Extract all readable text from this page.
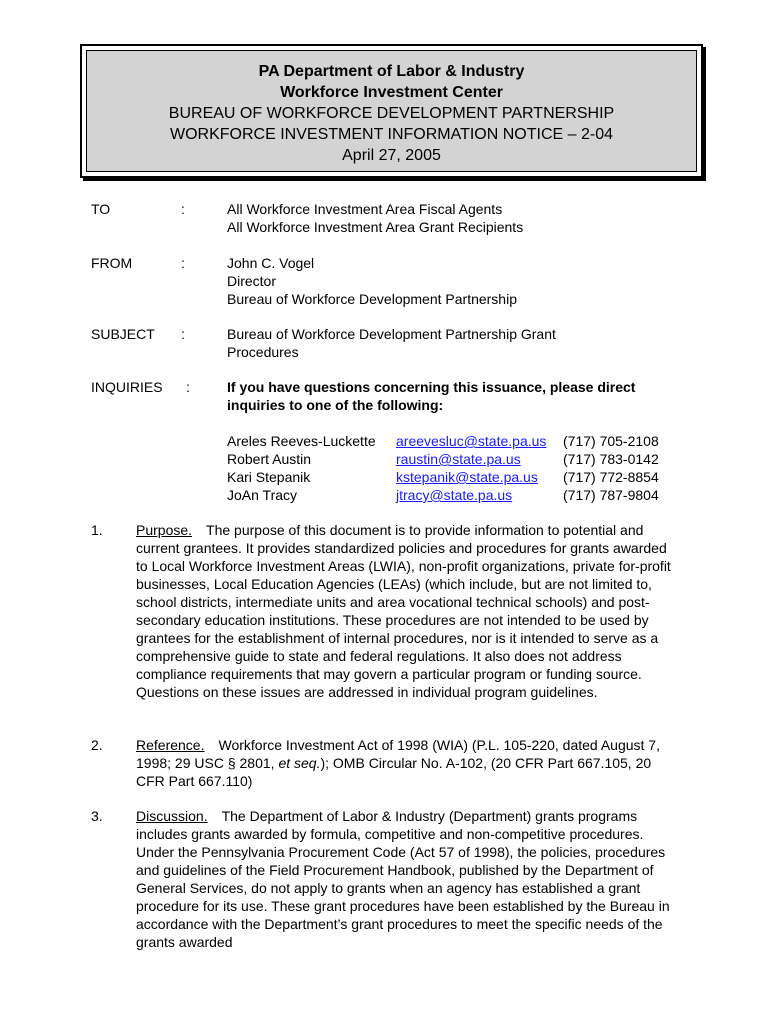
PA Department of Labor & Industry
Workforce Investment Center
BUREAU OF WORKFORCE DEVELOPMENT PARTNERSHIP
WORKFORCE INVESTMENT INFORMATION NOTICE – 2-04
April 27, 2005
TO	:	All Workforce Investment Area Fiscal Agents
All Workforce Investment Area Grant Recipients
FROM	:	John C. Vogel
Director
Bureau of Workforce Development Partnership
SUBJECT :	Bureau of Workforce Development Partnership Grant
Procedures
INQUIRIES :	If you have questions concerning this issuance, please direct
inquiries to one of the following:
Areles Reeves-Luckette areevesluc@state.pa.us (717) 705-2108
Robert Austin	raustin@state.pa.us	(717) 783-0142
Kari Stepanik	kstepanik@state.pa.us (717) 772-8854
JoAn Tracy	jtracy@state.pa.us	(717) 787-9804
1. Purpose. The purpose of this document is to provide information to potential and current grantees. It provides standardized policies and procedures for grants awarded to Local Workforce Investment Areas (LWIA), non-profit organizations, private for-profit businesses, Local Education Agencies (LEAs) (which include, but are not limited to, school districts, intermediate units and area vocational technical schools) and post-secondary education institutions. These procedures are not intended to be used by grantees for the establishment of internal procedures, nor is it intended to serve as a comprehensive guide to state and federal regulations. It also does not address compliance requirements that may govern a particular program or funding source. Questions on these issues are addressed in individual program guidelines.
2. Reference. Workforce Investment Act of 1998 (WIA) (P.L. 105-220, dated August 7, 1998; 29 USC § 2801, et seq.); OMB Circular No. A-102, (20 CFR Part 667.105, 20 CFR Part 667.110)
3. Discussion. The Department of Labor & Industry (Department) grants programs includes grants awarded by formula, competitive and non-competitive procedures. Under the Pennsylvania Procurement Code (Act 57 of 1998), the policies, procedures and guidelines of the Field Procurement Handbook, published by the Department of General Services, do not apply to grants when an agency has established a grant procedure for its use. These grant procedures have been established by the Bureau in accordance with the Department’s grant procedures to meet the specific needs of the grants awarded
